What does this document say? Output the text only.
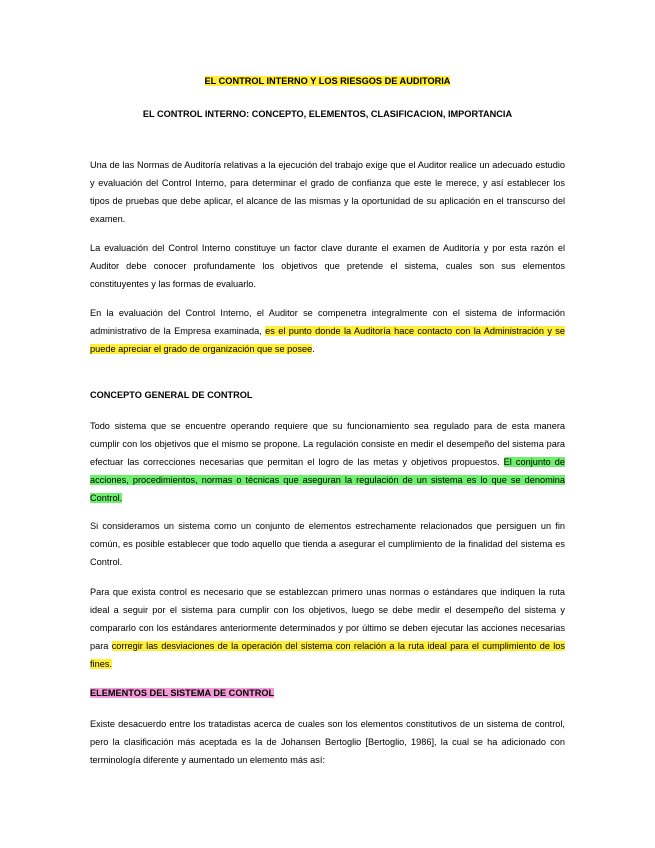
EL CONTROL INTERNO Y LOS RIESGOS DE AUDITORIA

EL CONTROL INTERNO: CONCEPTO, ELEMENTOS, CLASIFICACION, IMPORTANCIA

Una de las Normas de Auditoría relativas a la ejecución del trabajo exige que el Auditor realice un adecuado estudio y evaluación del Control Interno, para determinar el grado de confianza que este le merece, y así establecer los tipos de pruebas que debe aplicar, el alcance de las mismas y la oportunidad de su aplicación en el transcurso del examen.

La evaluación del Control Interno constituye un factor clave durante el examen de Auditoría y por esta razón el Auditor debe conocer profundamente los objetivos que pretende el sistema, cuales son sus elementos constituyentes y las formas de evaluarlo.

En la evaluación del Control Interno, el Auditor se compenetra integralmente con el sistema de información administrativo de la Empresa examinada, es el punto donde la Auditoría hace contacto con la Administración y se puede apreciar el grado de organización que se posee.

CONCEPTO GENERAL DE CONTROL

Todo sistema que se encuentre operando requiere que su funcionamiento sea regulado para de esta manera cumplir con los objetivos que el mismo se propone. La regulación consiste en medir el desempeño del sistema para efectuar las correcciones necesarias que permitan el logro de las metas y objetivos propuestos. El conjunto de acciones, procedimientos, normas o técnicas que aseguran la regulación de un sistema es lo que se denomina Control.

Si consideramos un sistema como un conjunto de elementos estrechamente relacionados que persiguen un fin común, es posible establecer que todo aquello que tienda a asegurar el cumplimiento de la finalidad del sistema es Control.

Para que exista control es necesario que se establezcan primero unas normas o estándares que indiquen la ruta ideal a seguir por el sistema para cumplir con los objetivos, luego se debe medir el desempeño del sistema y compararlo con los estándares anteriormente determinados y por último se deben ejecutar las acciones necesarias para corregir las desviaciones de la operación del sistema con relación a la ruta ideal para el cumplimiento de los fines.

ELEMENTOS DEL SISTEMA DE CONTROL

Existe desacuerdo entre los tratadistas acerca de cuales son los elementos constitutivos de un sistema de control, pero la clasificación más aceptada es la de Johansen Bertoglio [Bertoglio, 1986], la cual se ha adicionado con terminología diferente y aumentado un elemento más así:
